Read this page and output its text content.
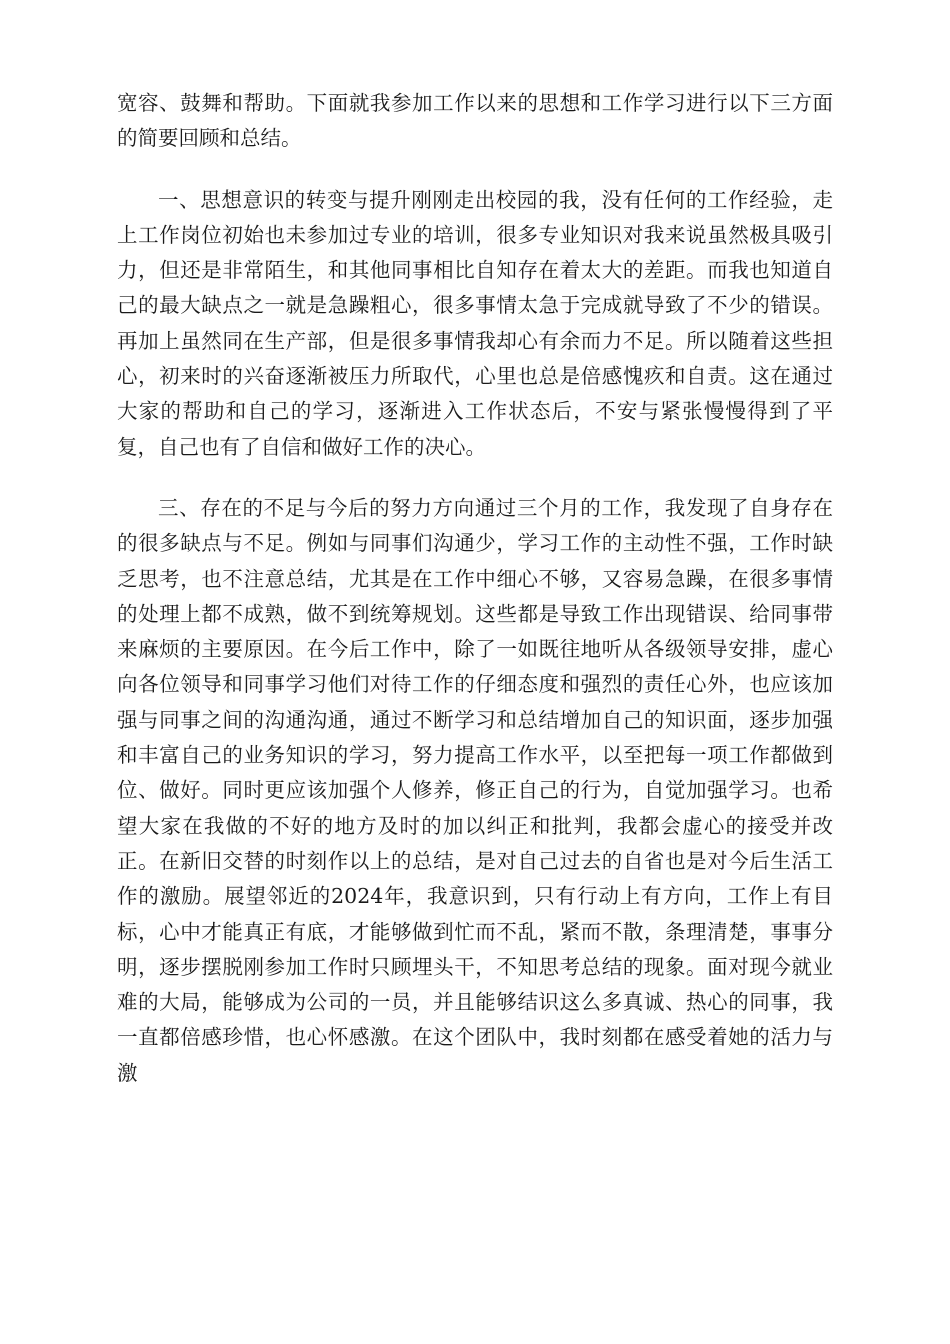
宽容、鼓舞和帮助。下面就我参加工作以来的思想和工作学习进行以下三方面的简要回顾和总结。

一、思想意识的转变与提升刚刚走出校园的我，没有任何的工作经验，走上工作岗位初始也未参加过专业的培训，很多专业知识对我来说虽然极具吸引力，但还是非常陌生，和其他同事相比自知存在着太大的差距。而我也知道自己的最大缺点之一就是急躁粗心，很多事情太急于完成就导致了不少的错误。再加上虽然同在生产部，但是很多事情我却心有余而力不足。所以随着这些担心，初来时的兴奋逐渐被压力所取代，心里也总是倍感愧疚和自责。这在通过大家的帮助和自己的学习，逐渐进入工作状态后，不安与紧张慢慢得到了平复，自己也有了自信和做好工作的决心。

三、存在的不足与今后的努力方向通过三个月的工作，我发现了自身存在的很多缺点与不足。例如与同事们沟通少，学习工作的主动性不强，工作时缺乏思考，也不注意总结，尤其是在工作中细心不够，又容易急躁，在很多事情的处理上都不成熟，做不到统筹规划。这些都是导致工作出现错误、给同事带来麻烦的主要原因。在今后工作中，除了一如既往地听从各级领导安排，虚心向各位领导和同事学习他们对待工作的仔细态度和强烈的责任心外，也应该加强与同事之间的沟通沟通，通过不断学习和总结增加自己的知识面，逐步加强和丰富自己的业务知识的学习，努力提高工作水平，以至把每一项工作都做到位、做好。同时更应该加强个人修养，修正自己的行为，自觉加强学习。也希望大家在我做的不好的地方及时的加以纠正和批判，我都会虚心的接受并改正。在新旧交替的时刻作以上的总结，是对自己过去的自省也是对今后生活工作的激励。展望邻近的2024年，我意识到，只有行动上有方向，工作上有目标，心中才能真正有底，才能够做到忙而不乱，紧而不散，条理清楚，事事分明，逐步摆脱刚参加工作时只顾埋头干，不知思考总结的现象。面对现今就业难的大局，能够成为公司的一员，并且能够结识这么多真诚、热心的同事，我一直都倍感珍惜，也心怀感激。在这个团队中，我时刻都在感受着她的活力与激
